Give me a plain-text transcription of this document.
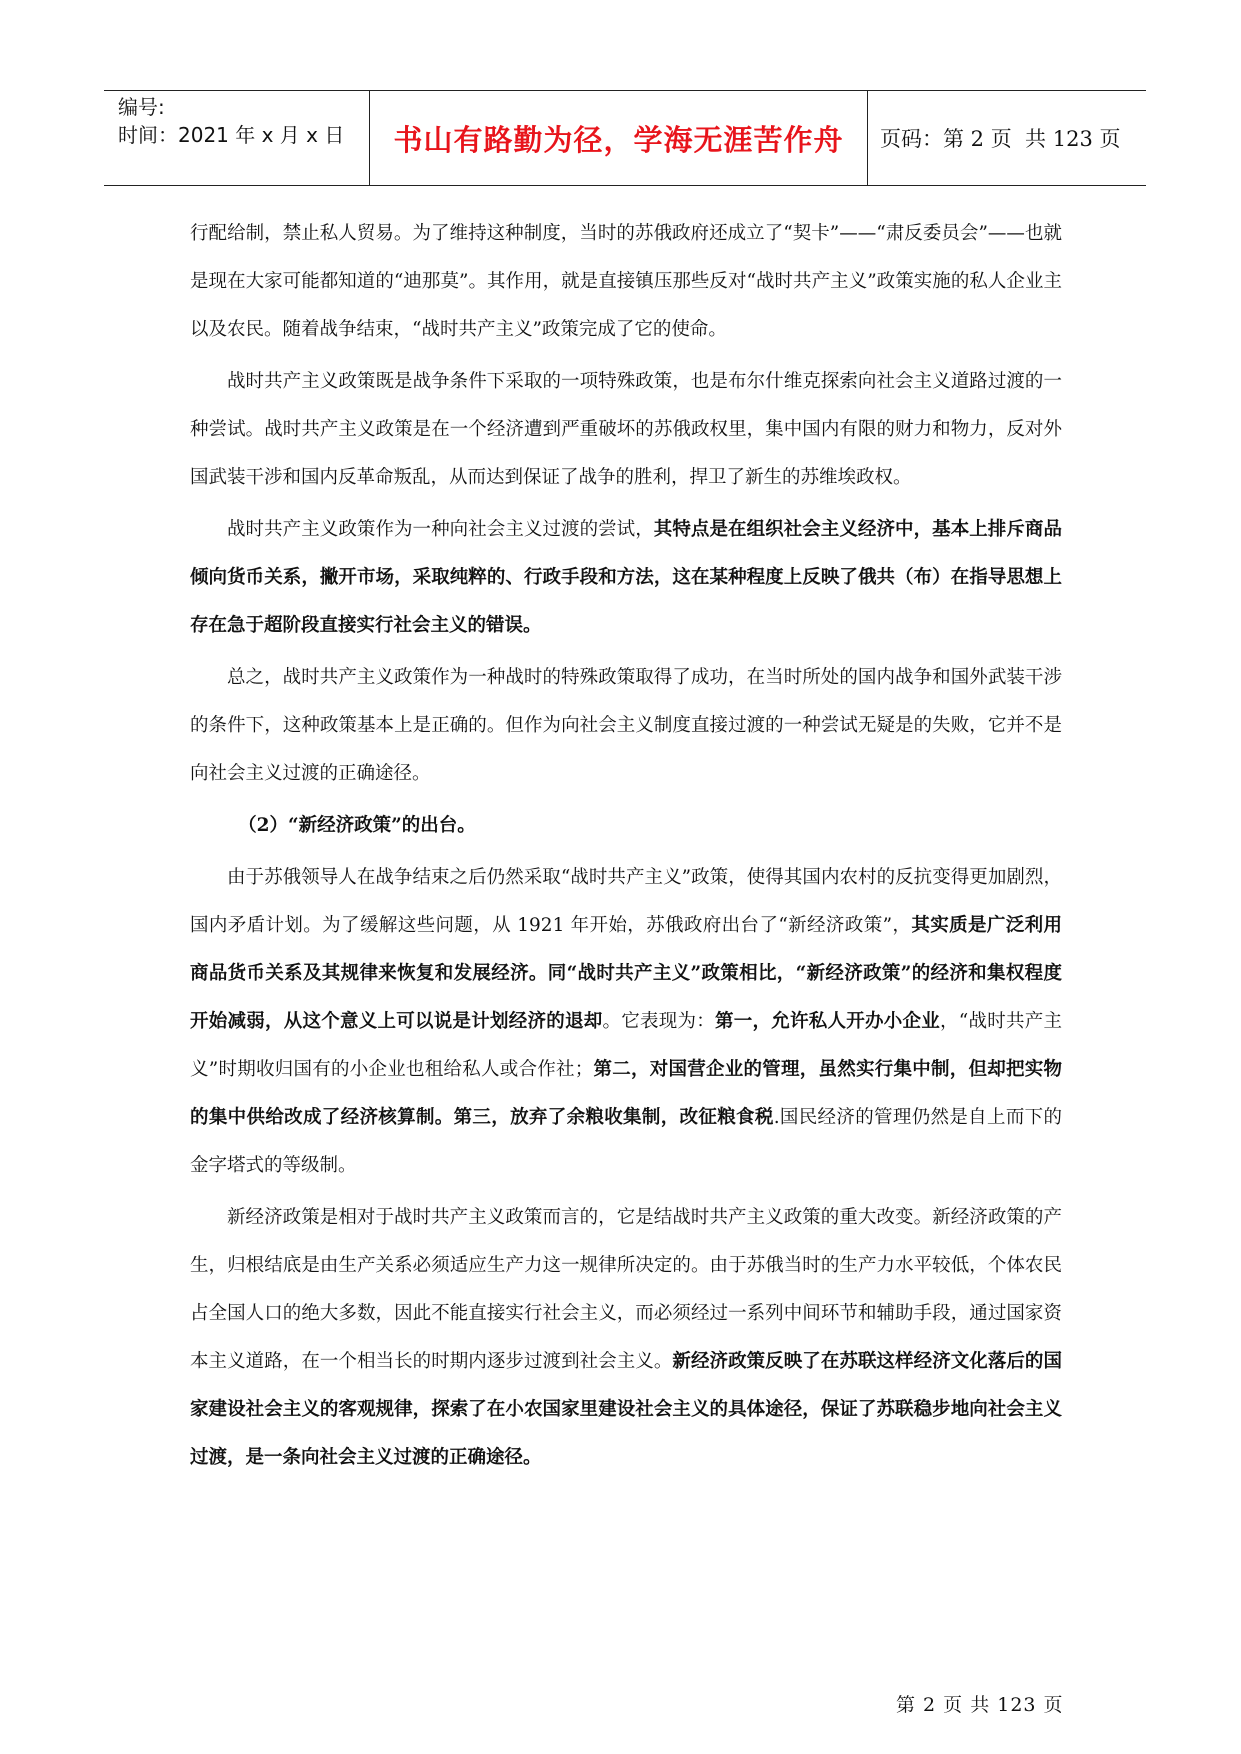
编号:
时间：2021 年 x 月 x 日	书山有路勤为径，学海无涯苦作舟 页码：第 2 页  共 123 页

行配给制，禁止私人贸易。为了维持这种制度，当时的苏俄政府还成立了“契卡”——“肃反委员会”——也就是现在大家可能都知道的“迪那莫”。其作用，就是直接镇压那些反对“战时共产主义”政策实施的私人企业主以及农民。随着战争结束，“战时共产主义”政策完成了它的使命。

战时共产主义政策既是战争条件下采取的一项特殊政策，也是布尔什维克探索向社会主义道路过渡的一种尝试。战时共产主义政策是在一个经济遭到严重破坏的苏俄政权里，集中国内有限的财力和物力，反对外国武装干涉和国内反革命叛乱，从而达到保证了战争的胜利，捍卫了新生的苏维埃政权。

战时共产主义政策作为一种向社会主义过渡的尝试，其特点是在组织社会主义经济中，基本上排斥商品倾向货币关系，撇开市场，采取纯粹的、行政手段和方法，这在某种程度上反映了俄共（布）在指导思想上存在急于超阶段直接实行社会主义的错误。

总之，战时共产主义政策作为一种战时的特殊政策取得了成功，在当时所处的国内战争和国外武装干涉的条件下，这种政策基本上是正确的。但作为向社会主义制度直接过渡的一种尝试无疑是的失败，它并不是向社会主义过渡的正确途径。

（2）“新经济政策”的出台。

由于苏俄领导人在战争结束之后仍然采取“战时共产主义”政策，使得其国内农村的反抗变得更加剧烈，国内矛盾计划。为了缓解这些问题，从 1921 年开始，苏俄政府出台了“新经济政策”，其实质是广泛利用商品货币关系及其规律来恢复和发展经济。同“战时共产主义”政策相比，“新经济政策”的经济和集权程度开始减弱，从这个意义上可以说是计划经济的退却。它表现为：第一，允许私人开办小企业，“战时共产主义”时期收归国有的小企业也租给私人或合作社；第二，对国营企业的管理，虽然实行集中制，但却把实物的集中供给改成了经济核算制。第三，放弃了余粮收集制，改征粮食税.国民经济的管理仍然是自上而下的金字塔式的等级制。

新经济政策是相对于战时共产主义政策而言的，它是结战时共产主义政策的重大改变。新经济政策的产生，归根结底是由生产关系必须适应生产力这一规律所决定的。由于苏俄当时的生产力水平较低，个体农民占全国人口的绝大多数，因此不能直接实行社会主义，而必须经过一系列中间环节和辅助手段，通过国家资本主义道路，在一个相当长的时期内逐步过渡到社会主义。新经济政策反映了在苏联这样经济文化落后的国家建设社会主义的客观规律，探索了在小农国家里建设社会主义的具体途径，保证了苏联稳步地向社会主义过渡，是一条向社会主义过渡的正确途径。

第 2 页 共 123 页
